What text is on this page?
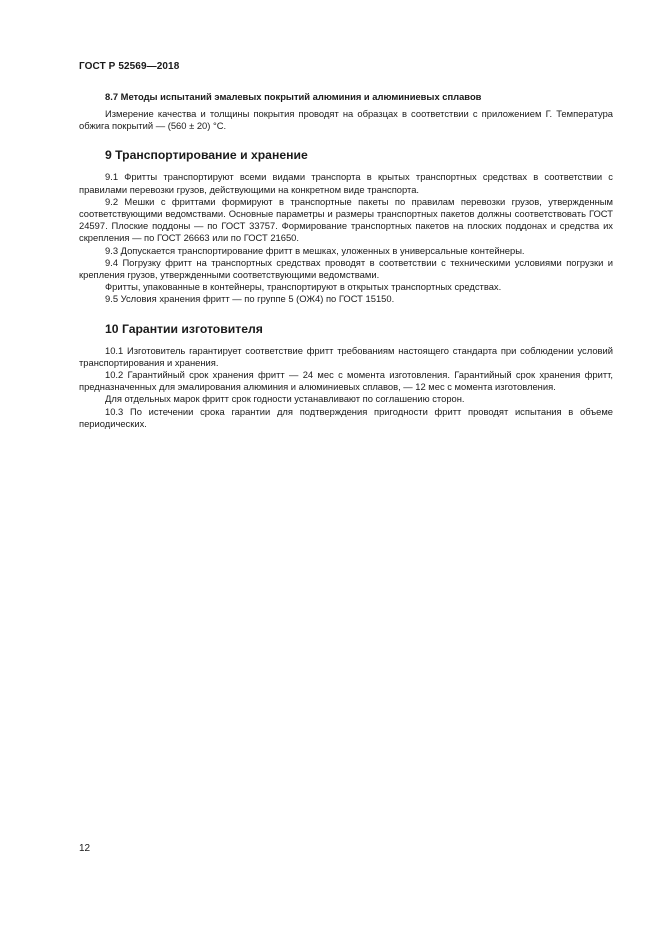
ГОСТ Р 52569—2018
8.7 Методы испытаний эмалевых покрытий алюминия и алюминиевых сплавов

Измерение качества и толщины покрытия проводят на образцах в соответствии с приложением Г. Температура обжига покрытий — (560 ± 20) °С.

9 Транспортирование и хранение

9.1 Фритты транспортируют всеми видами транспорта в крытых транспортных средствах в соответствии с правилами перевозки грузов, действующими на конкретном виде транспорта.

9.2 Мешки с фриттами формируют в транспортные пакеты по правилам перевозки грузов, утвержденным соответствующими ведомствами. Основные параметры и размеры транспортных пакетов должны соответствовать ГОСТ 24597. Плоские поддоны — по ГОСТ 33757. Формирование транспортных пакетов на плоских поддонах и средства их скрепления — по ГОСТ 26663 или по ГОСТ 21650.

9.3 Допускается транспортирование фритт в мешках, уложенных в универсальные контейнеры.

9.4 Погрузку фритт на транспортных средствах проводят в соответствии с техническими условиями погрузки и крепления грузов, утвержденными соответствующими ведомствами.

Фритты, упакованные в контейнеры, транспортируют в открытых транспортных средствах.

9.5 Условия хранения фритт — по группе 5 (ОЖ4) по ГОСТ 15150.

10 Гарантии изготовителя

10.1 Изготовитель гарантирует соответствие фритт требованиям настоящего стандарта при соблюдении условий транспортирования и хранения.

10.2 Гарантийный срок хранения фритт — 24 мес с момента изготовления. Гарантийный срок хранения фритт, предназначенных для эмалирования алюминия и алюминиевых сплавов, — 12 мес с момента изготовления.

Для отдельных марок фритт срок годности устанавливают по соглашению сторон.

10.3 По истечении срока гарантии для подтверждения пригодности фритт проводят испытания в объеме периодических.

12
